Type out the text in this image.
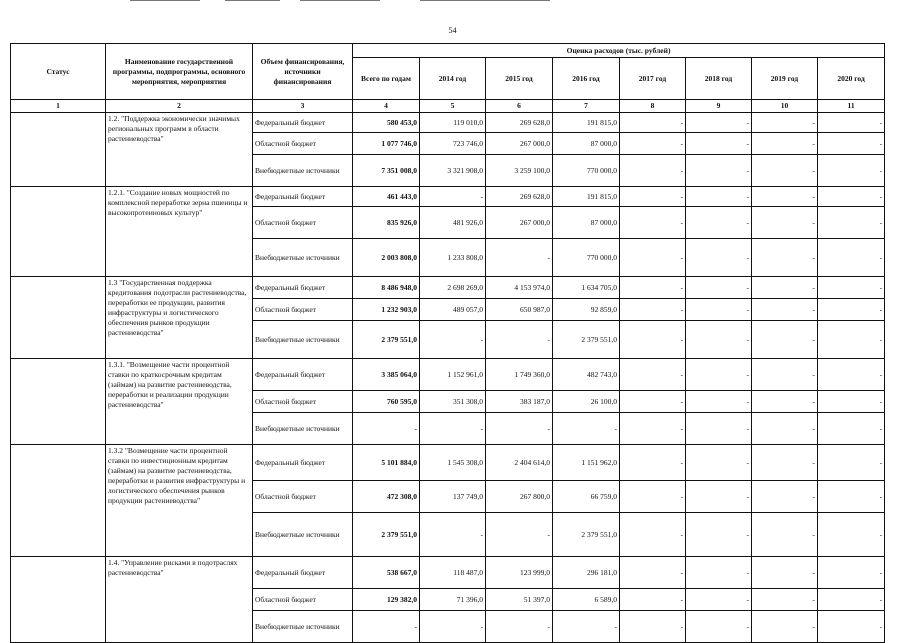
54
Статус	Наименование государственной программы, подпрограммы, основного мероприятия, мероприятия	Объем финансирования, источники финансирования	Оценка расходов (тыс. рублей)							
			Всего по годам	2014 год	2015 год	2016 год	2017 год	2018 год	2019 год	2020 год
1	2	3	4	5	6	7	8	9	10	11
	1.2. "Поддержка экономически значимых региональных программ в области растениеводства"	Федеральный бюджет	580 453,0	119 010,0	269 628,0	191 815,0	-	-	-	-
		Областной бюджет	1 077 746,0	723 746,0	267 000,0	87 000,0	-	-	-	-
		Внебюджетные источники	7 351 008,0	3 321 908,0	3 259 100,0	770 000,0	-	-	-	-
	1.2.1. "Создание новых мощностей по комплексной переработке зерна пшеницы и высокопротеиновых культур"	Федеральный бюджет	461 443,0	-	269 628,0	191 815,0	-	-	-	-
		Областной бюджет	835 926,0	481 926,0	267 000,0	87 000,0	-	-	-	-
		Внебюджетные источники	2 003 808,0	1 233 808,0	-	770 000,0	-	-	-	-
	1.3 "Государственная поддержка кредитования подотрасли растениеводства, переработки ее продукции, развития инфраструктуры и логистического обеспечения рынков продукции растениеводства"	Федеральный бюджет	8 486 948,0	2 698 269,0	4 153 974,0	1 634 705,0	-	-	-	-
		Областной бюджет	1 232 903,0	489 057,0	650 987,0	92 859,0	-	-	-	-
		Внебюджетные источники	2 379 551,0	-	-	2 379 551,0	-	-	-	-
	1.3.1. "Возмещение части процентной ставки по краткосрочным кредитам (займам) на развитие растениеводства, переработки и реализации продукции растениеводства"	Федеральный бюджет	3 385 064,0	1 152 961,0	1 749 360,0	482 743,0	-	-	-	-
		Областной бюджет	760 595,0	351 308,0	383 187,0	26 100,0	-	-	-	-
		Внебюджетные источники	-	-	-	-	-	-	-	-
	1.3.2 "Возмещение части процентной ставки по инвестиционным кредитам (займам) на развитие растениеводства, переработки и развития инфраструктуры и логистического обеспечения рынков продукции растениеводства"	Федеральный бюджет	5 101 884,0	1 545 308,0	2 404 614,0	1 151 962,0	-	-	-	-
		Областной бюджет	472 308,0	137 749,0	267 800,0	66 759,0	-	-	-	-
		Внебюджетные источники	2 379 551,0	-	-	2 379 551,0	-	-	-	-
	1.4. "Управление рисками в подотраслях растениеводства"	Федеральный бюджет	538 667,0	118 487,0	123 999,0	296 181,0	-	-	-	-
		Областной бюджет	129 382,0	71 396,0	51 397,0	6 589,0	-	-	-	-
		Внебюджетные источники	-	-	-	-	-	-	-	-
